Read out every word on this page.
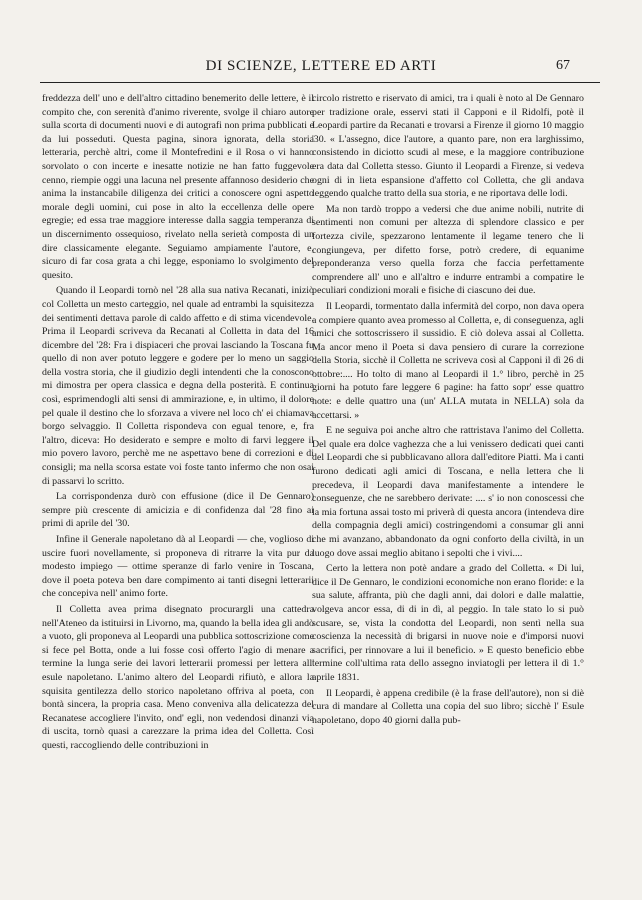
DI SCIENZE, LETTERE ED ARTI	67

freddezza dell' uno e dell'altro cittadino benemerito delle lettere, è il compito che, con serenità d'animo riverente, svolge il chiaro autore sulla scorta di documenti nuovi e di autografi non prima pubblicati e da lui posseduti. Questa pagina, sinora ignorata, della storia letteraria, perchè altri, come il Montefredini e il Rosa o vi hanno sorvolato o con incerte e inesatte notizie ne han fatto fuggevole cenno, riempie oggi una lacuna nel presente affannoso desiderio che anima la instancabile diligenza dei critici a conoscere ogni aspetto morale degli uomini, cui pose in alto la eccellenza delle opere egregie; ed essa trae maggiore interesse dalla saggia temperanza di un discernimento ossequioso, rivelato nella serietà composta di un dire classicamente elegante. Seguiamo ampiamente l'autore, e, sicuro di far cosa grata a chi legge, esponiamo lo svolgimento del quesito.

Quando il Leopardi tornò nel '28 alla sua nativa Recanati, iniziò col Colletta un mesto carteggio, nel quale ad entrambi la squisitezza dei sentimenti dettava parole di caldo affetto e di stima vicendevole. Prima il Leopardi scriveva da Recanati al Colletta in data del 16 dicembre del '28: Fra i dispiaceri che provai lasciando la Toscana fu quello di non aver potuto leggere e godere per lo meno un saggio della vostra storia, che il giudizio degli intendenti che la conoscono mi dimostra per opera classica e degna della posterità. E continua così, esprimendogli alti sensi di ammirazione, e, in ultimo, il dolore pel quale il destino che lo sforzava a vivere nel loco ch' ei chiamava borgo selvaggio. Il Colletta rispondeva con egual tenore, e, fra l'altro, diceva: Ho desiderato e sempre e molto di farvi leggere il mio povero lavoro, perchè me ne aspettavo bene di correzioni e di consigli; ma nella scorsa estate voi foste tanto infermo che non osai di passarvi lo scritto.

La corrispondenza durò con effusione (dice il De Gennaro) sempre più crescente di amicizia e di confidenza dal '28 fino ai primi di aprile del '30.

Infine il Generale napoletano dà al Leopardi — che, voglioso di uscire fuori novellamente, si proponeva di ritrarre la vita pur da modesto impiego — ottime speranze di farlo venire in Toscana, dove il poeta poteva ben dare compimento ai tanti disegni letterarii che concepiva nell' animo forte.

Il Colletta avea prima disegnato procurargli una cattedra nell'Ateneo da istituirsi in Livorno, ma, quando la bella idea gli andò a vuoto, gli proponeva al Leopardi una pubblica sottoscrizione come si fece pel Botta, onde a lui fosse così offerto l'agio di menare a termine la lunga serie dei lavori letterarii promessi per lettera all' esule napoletano. L'animo altero del Leopardi rifiutò, e allora la squisita gentilezza dello storico napoletano offriva al poeta, con bontà sincera, la propria casa. Meno conveniva alla delicatezza del Recanatese accogliere l'invito, ond' egli, non vedendosi dinanzi via di uscita, tornò quasi a carezzare la prima idea del Colletta. Così questi, raccogliendo delle contribuzioni in

circolo ristretto e riservato di amici, tra i quali è noto al De Gennaro per tradizione orale, esservi stati il Capponi e il Ridolfi, potè il Leopardi partire da Recanati e trovarsi a Firenze il giorno 10 maggio '30. « L'assegno, dice l'autore, a quanto pare, non era larghissimo, consistendo in diciotto scudi al mese, e la maggiore contribuzione era data dal Colletta stesso. Giunto il Leopardi a Firenze, si vedeva ogni di in lieta espansione d'affetto col Colletta, che gli andava leggendo qualche tratto della sua storia, e ne riportava delle lodi.

Ma non tardò troppo a vedersi che due anime nobili, nutrite di sentimenti non comuni per altezza di splendore classico e per fortezza civile, spezzarono lentamente il legame tenero che li congiungeva, per difetto forse, potrò credere, di equanime preponderanza verso quella forza che faccia perfettamente comprendere all' uno e all'altro e indurre entrambi a compatire le peculiari condizioni morali e fisiche di ciascuno dei due.

Il Leopardi, tormentato dalla infermità del corpo, non dava opera a compiere quanto avea promesso al Colletta, e, di conseguenza, agli amici che sottoscrissero il sussidio. E ciò doleva assai al Colletta. Ma ancor meno il Poeta si dava pensiero di curare la correzione della Storia, sicchè il Colletta ne scriveva così al Capponi il dì 26 di ottobre:.... Ho tolto di mano al Leopardi il 1.° libro, perchè in 25 giorni ha potuto fare leggere 6 pagine: ha fatto sopr' esse quattro note: e delle quattro una (un' ALLA mutata in NELLA) sola da accettarsi. »

E ne seguiva poi anche altro che rattristava l'animo del Colletta. Del quale era dolce vaghezza che a lui venissero dedicati quei canti del Leopardi che si pubblicavano allora dall'editore Piatti. Ma i canti furono dedicati agli amici di Toscana, e nella lettera che li precedeva, il Leopardi dava manifestamente a intendere le conseguenze, che ne sarebbero derivate: .... s' io non conoscessi che la mia fortuna assai tosto mi priverà di questa ancora (intendeva dire della compagnia degli amici) costringendomi a consumar gli anni che mi avanzano, abbandonato da ogni conforto della civiltà, in un luogo dove assai meglio abitano i sepolti che i vivi....

Certo la lettera non potè andare a grado del Colletta. « Di lui, dice il De Gennaro, le condizioni economiche non erano floride: e la sua salute, affranta, più che dagli anni, dai dolori e dalle malattie, volgeva ancor essa, di di in dì, al peggio. In tale stato lo si può scusare, se, vista la condotta del Leopardi, non sentì nella sua coscienza la necessità di brigarsi in nuove noie e d'imporsi nuovi sacrifici, per rinnovare a lui il beneficio. » E questo beneficio ebbe termine coll'ultima rata dello assegno inviatogli per lettera il dì 1.° aprile 1831.

Il Leopardi, è appena credibile (è la frase dell'autore), non si diè cura di mandare al Colletta una copia del suo libro; sicchè l' Esule napoletano, dopo 40 giorni dalla pub-
